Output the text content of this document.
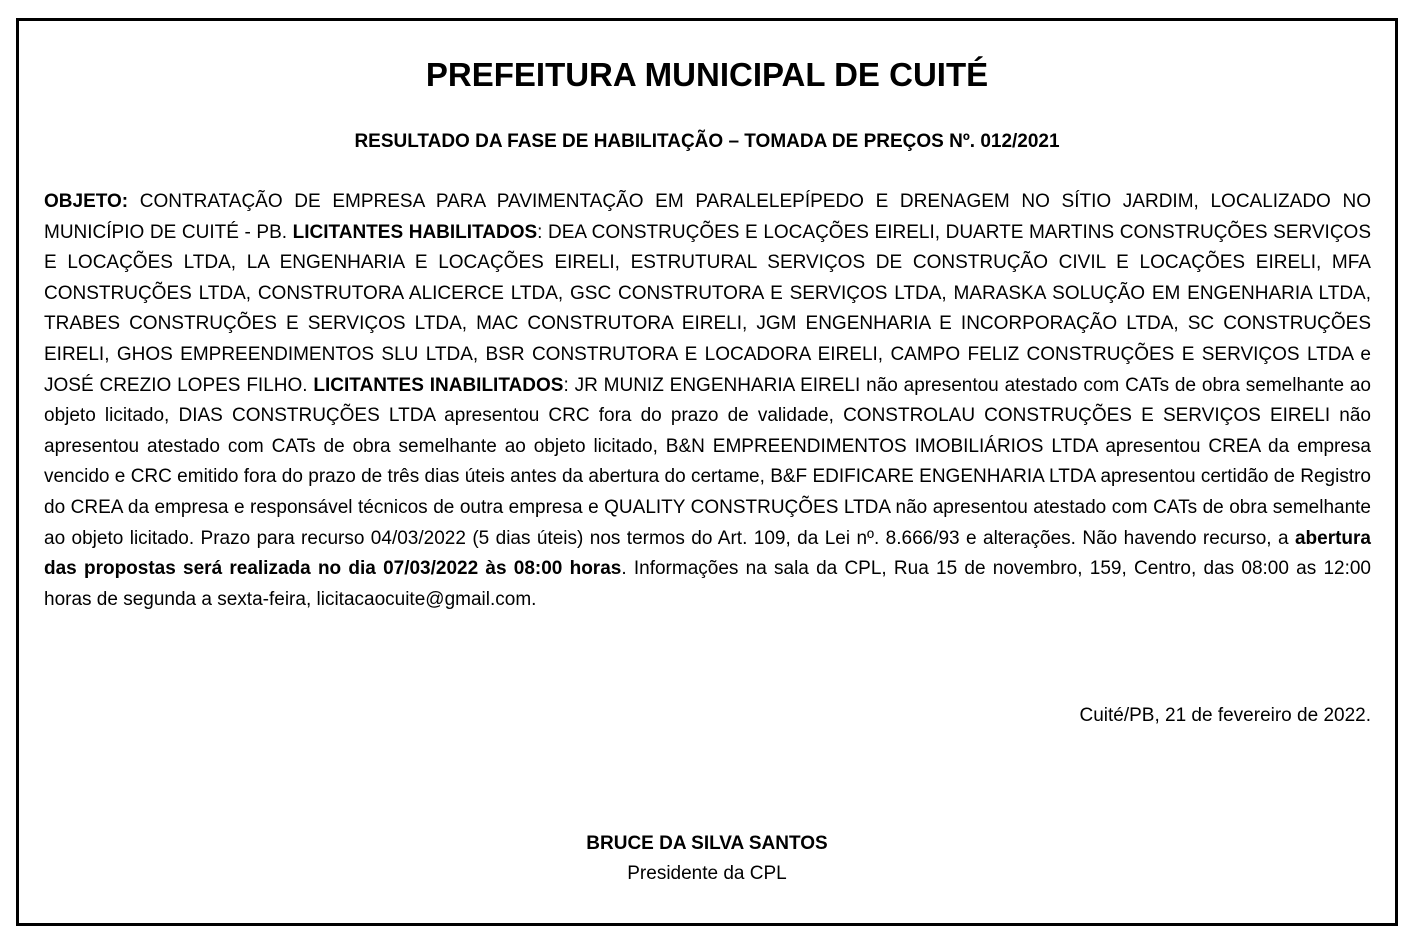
PREFEITURA MUNICIPAL DE CUITÉ
RESULTADO DA FASE DE HABILITAÇÃO – TOMADA DE PREÇOS Nº. 012/2021
OBJETO: CONTRATAÇÃO DE EMPRESA PARA PAVIMENTAÇÃO EM PARALELEPÍPEDO E DRENAGEM NO SÍTIO JARDIM, LOCALIZADO NO MUNICÍPIO DE CUITÉ - PB. LICITANTES HABILITADOS: DEA CONSTRUÇÕES E LOCAÇÕES EIRELI, DUARTE MARTINS CONSTRUÇÕES SERVIÇOS E LOCAÇÕES LTDA, LA ENGENHARIA E LOCAÇÕES EIRELI, ESTRUTURAL SERVIÇOS DE CONSTRUÇÃO CIVIL E LOCAÇÕES EIRELI, MFA CONSTRUÇÕES LTDA, CONSTRUTORA ALICERCE LTDA, GSC CONSTRUTORA E SERVIÇOS LTDA, MARASKA SOLUÇÃO EM ENGENHARIA LTDA, TRABES CONSTRUÇÕES E SERVIÇOS LTDA, MAC CONSTRUTORA EIRELI, JGM ENGENHARIA E INCORPORAÇÃO LTDA, SC CONSTRUÇÕES EIRELI, GHOS EMPREENDIMENTOS SLU LTDA, BSR CONSTRUTORA E LOCADORA EIRELI, CAMPO FELIZ CONSTRUÇÕES E SERVIÇOS LTDA e JOSÉ CREZIO LOPES FILHO. LICITANTES INABILITADOS: JR MUNIZ ENGENHARIA EIRELI não apresentou atestado com CATs de obra semelhante ao objeto licitado, DIAS CONSTRUÇÕES LTDA apresentou CRC fora do prazo de validade, CONSTROLAU CONSTRUÇÕES E SERVIÇOS EIRELI não apresentou atestado com CATs de obra semelhante ao objeto licitado, B&N EMPREENDIMENTOS IMOBILIÁRIOS LTDA apresentou CREA da empresa vencido e CRC emitido fora do prazo de três dias úteis antes da abertura do certame, B&F EDIFICARE ENGENHARIA LTDA apresentou certidão de Registro do CREA da empresa e responsável técnicos de outra empresa e QUALITY CONSTRUÇÕES LTDA não apresentou atestado com CATs de obra semelhante ao objeto licitado. Prazo para recurso 04/03/2022 (5 dias úteis) nos termos do Art. 109, da Lei nº. 8.666/93 e alterações. Não havendo recurso, a abertura das propostas será realizada no dia 07/03/2022 às 08:00 horas. Informações na sala da CPL, Rua 15 de novembro, 159, Centro, das 08:00 as 12:00 horas de segunda a sexta-feira, licitacaocuite@gmail.com.
Cuité/PB, 21 de fevereiro de 2022.
BRUCE DA SILVA SANTOS
Presidente da CPL
